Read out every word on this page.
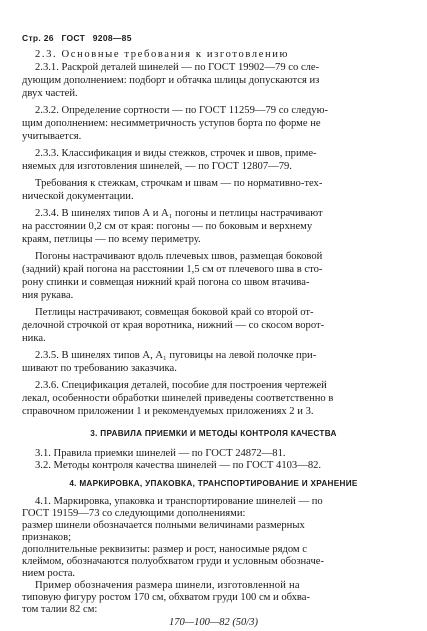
Стр. 26 ГОСТ 9208—85
2.3. Основные требования к изготовлению
2.3.1. Раскрой деталей шинелей — по ГОСТ 19902—79 со сле-
дующим дополнением: подборт и обтачка шлицы допускаются из
двух частей.
2.3.2. Определение сортности — по ГОСТ 11259—79 со следую-
щим дополнением: несимметричность уступов борта по форме не
учитывается.
2.3.3. Классификация и виды стежков, строчек и швов, приме-
няемых для изготовления шинелей, — по ГОСТ 12807—79.
Требования к стежкам, строчкам и швам — по нормативно-тех-
нической документации.
2.3.4. В шинелях типов А и А₁ погоны и петлицы настрачивают
на расстоянии 0,2 см от края: погоны — по боковым и верхнему
краям, петлицы — по всему периметру.
Погоны настрачивают вдоль плечевых швов, размещая боковой
(задний) край погона на расстоянии 1,5 см от плечевого шва в сто-
рону спинки и совмещая нижний край погона со швом втачива-
ния рукава.
Петлицы настрачивают, совмещая боковой край со второй от-
делочной строчкой от края воротника, нижний — со скосом ворот-
ника.
2.3.5. В шинелях типов А, А₁ пуговицы на левой полочке при-
шивают по требованию заказчика.
2.3.6. Спецификация деталей, пособие для построения чертежей
лекал, особенности обработки шинелей приведены соответственно в
справочном приложении 1 и рекомендуемых приложениях 2 и 3.
3. ПРАВИЛА ПРИЕМКИ И МЕТОДЫ КОНТРОЛЯ КАЧЕСТВА
3.1. Правила приемки шинелей — по ГОСТ 24872—81.
3.2. Методы контроля качества шинелей — по ГОСТ 4103—82.
4. МАРКИРОВКА, УПАКОВКА, ТРАНСПОРТИРОВАНИЕ И ХРАНЕНИЕ
4.1. Маркировка, упаковка и транспортирование шинелей — по
ГОСТ 19159—73 со следующими дополнениями:
размер шинели обозначается полными величинами размерных
признаков;
дополнительные реквизиты: размер и рост, наносимые рядом с
клеймом, обозначаются полуобхватом груди и условным обозначе-
нием роста.
Пример обозначения размера шинели, изготовленной на
типовую фигуру ростом 170 см, обхватом груди 100 см и обхва-
том талии 82 см:
170—100—82 (50/3)
